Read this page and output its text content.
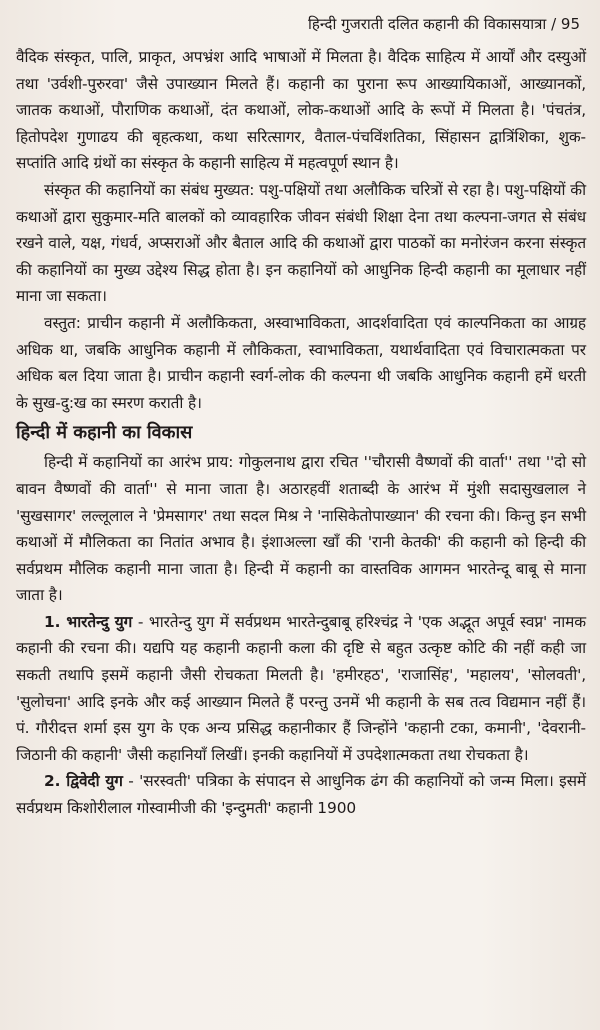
हिन्दी गुजराती दलित कहानी की विकासयात्रा / 95

वैदिक संस्कृत, पालि, प्राकृत, अपभ्रंश आदि भाषाओं में मिलता है। वैदिक साहित्य में आर्यों और दस्युओं तथा 'उर्वशी-पुरुरवा' जैसे उपाख्यान मिलते हैं। कहानी का पुराना रूप आख्यायिकाओं, आख्यानकों, जातक कथाओं, पौराणिक कथाओं, दंत कथाओं, लोक-कथाओं आदि के रूपों में मिलता है। 'पंचतंत्र, हितोपदेश गुणाढय की बृहत्कथा, कथा सरित्सागर, वैताल-पंचविंशतिका, सिंहासन द्वात्रिंशिका, शुक-सप्तांति आदि ग्रंथों का संस्कृत के कहानी साहित्य में महत्वपूर्ण स्थान है।

संस्कृत की कहानियों का संबंध मुख्यत: पशु-पक्षियों तथा अलौकिक चरित्रों से रहा है। पशु-पक्षियों की कथाओं द्वारा सुकुमार-मति बालकों को व्यावहारिक जीवन संबंधी शिक्षा देना तथा कल्पना-जगत से संबंध रखने वाले, यक्ष, गंधर्व, अप्सराओं और बैताल आदि की कथाओं द्वारा पाठकों का मनोरंजन करना संस्कृत की कहानियों का मुख्य उद्देश्य सिद्ध होता है। इन कहानियों को आधुनिक हिन्दी कहानी का मूलाधार नहीं माना जा सकता।

वस्तुत: प्राचीन कहानी में अलौकिकता, अस्वाभाविकता, आदर्शवादिता एवं काल्पनिकता का आग्रह अधिक था, जबकि आधुनिक कहानी में लौकिकता, स्वाभाविकता, यथार्थवादिता एवं विचारात्मकता पर अधिक बल दिया जाता है। प्राचीन कहानी स्वर्ग-लोक की कल्पना थी जबकि आधुनिक कहानी हमें धरती के सुख-दु:ख का स्मरण कराती है।

हिन्दी में कहानी का विकास

हिन्दी में कहानियों का आरंभ प्राय: गोकुलनाथ द्वारा रचित ''चौरासी वैष्णवों की वार्ता'' तथा ''दो सो बावन वैष्णवों की वार्ता'' से माना जाता है। अठारहवीं शताब्दी के आरंभ में मुंशी सदासुखलाल ने 'सुखसागर' लल्लूलाल ने 'प्रेमसागर' तथा सदल मिश्र ने 'नासिकेतोपाख्यान' की रचना की। किन्तु इन सभी कथाओं में मौलिकता का नितांत अभाव है। इंशाअल्ला खाँ की 'रानी केतकी' की कहानी को हिन्दी की सर्वप्रथम मौलिक कहानी माना जाता है। हिन्दी में कहानी का वास्तविक आगमन भारतेन्दू बाबू से माना जाता है।

1. भारतेन्दु युग - भारतेन्दु युग में सर्वप्रथम भारतेन्दुबाबू हरिश्चंद्र ने 'एक अद्भूत अपूर्व स्वप्न' नामक कहानी की रचना की। यद्यपि यह कहानी कहानी कला की दृष्टि से बहुत उत्कृष्ट कोटि की नहीं कही जा सकती तथापि इसमें कहानी जैसी रोचकता मिलती है। 'हमीरहठ', 'राजासिंह', 'महालय', 'सोलवती', 'सुलोचना' आदि इनके और कई आख्यान मिलते हैं परन्तु उनमें भी कहानी के सब तत्व विद्यमान नहीं हैं। पं. गौरीदत्त शर्मा इस युग के एक अन्य प्रसिद्ध कहानीकार हैं जिन्होंने 'कहानी टका, कमानी', 'देवरानी-जिठानी की कहानी' जैसी कहानियाँ लिखीं। इनकी कहानियों में उपदेशात्मकता तथा रोचकता है।

2. द्विवेदी युग - 'सरस्वती' पत्रिका के संपादन से आधुनिक ढंग की कहानियों को जन्म मिला। इसमें सर्वप्रथम किशोरीलाल गोस्वामीजी की 'इन्दुमती' कहानी 1900
